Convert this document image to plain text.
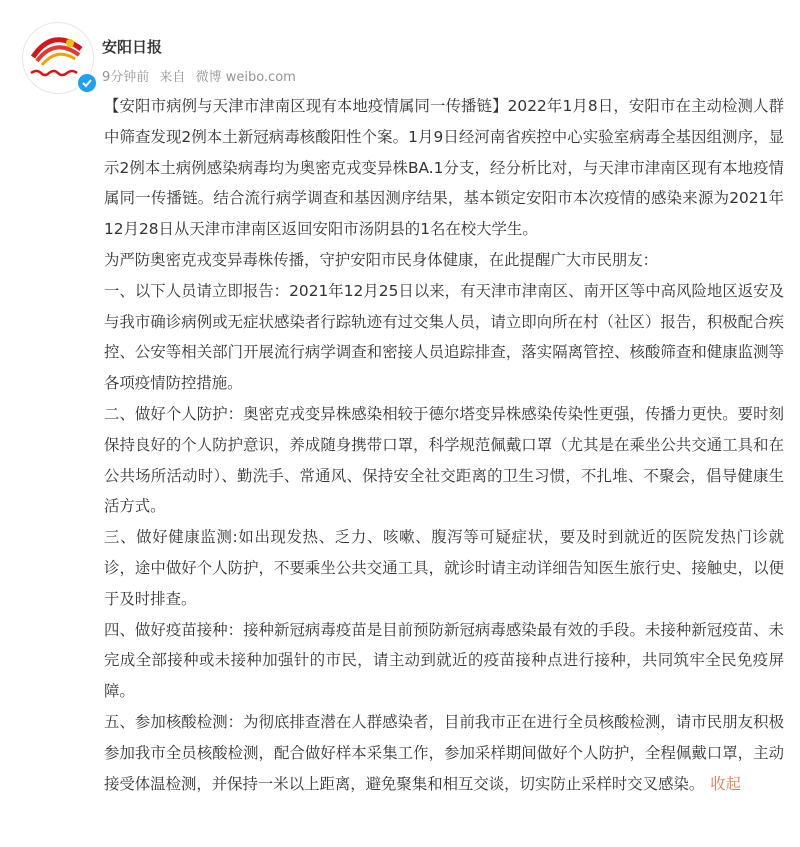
安阳日报
9分钟前 来自 微博 weibo.com

【安阳市病例与天津市津南区现有本地疫情属同一传播链】2022年1月8日，安阳市在主动检测人群中筛查发现2例本土新冠病毒核酸阳性个案。1月9日经河南省疾控中心实验室病毒全基因组测序，显示2例本土病例感染病毒均为奥密克戎变异株BA.1分支，经分析比对，与天津市津南区现有本地疫情属同一传播链。结合流行病学调查和基因测序结果，基本锁定安阳市本次疫情的感染来源为2021年12月28日从天津市津南区返回安阳市汤阴县的1名在校大学生。

为严防奥密克戎变异毒株传播，守护安阳市民身体健康，在此提醒广大市民朋友：

一、以下人员请立即报告：2021年12月25日以来，有天津市津南区、南开区等中高风险地区返安及与我市确诊病例或无症状感染者行踪轨迹有过交集人员，请立即向所在村（社区）报告，积极配合疾控、公安等相关部门开展流行病学调查和密接人员追踪排查，落实隔离管控、核酸筛查和健康监测等各项疫情防控措施。

二、做好个人防护：奥密克戎变异株感染相较于德尔塔变异株感染传染性更强，传播力更快。要时刻保持良好的个人防护意识，养成随身携带口罩，科学规范佩戴口罩（尤其是在乘坐公共交通工具和在公共场所活动时）、勤洗手、常通风、保持安全社交距离的卫生习惯，不扎堆、不聚会，倡导健康生活方式。

三、做好健康监测:如出现发热、乏力、咳嗽、腹泻等可疑症状，要及时到就近的医院发热门诊就诊，途中做好个人防护，不要乘坐公共交通工具，就诊时请主动详细告知医生旅行史、接触史，以便于及时排查。

四、做好疫苗接种：接种新冠病毒疫苗是目前预防新冠病毒感染最有效的手段。未接种新冠疫苗、未完成全部接种或未接种加强针的市民，请主动到就近的疫苗接种点进行接种，共同筑牢全民免疫屏障。

五、参加核酸检测：为彻底排查潜在人群感染者，目前我市正在进行全员核酸检测，请市民朋友积极参加我市全员核酸检测，配合做好样本采集工作，参加采样期间做好个人防护，全程佩戴口罩，主动接受体温检测，并保持一米以上距离，避免聚集和相互交谈，切实防止采样时交叉感染。 收起
